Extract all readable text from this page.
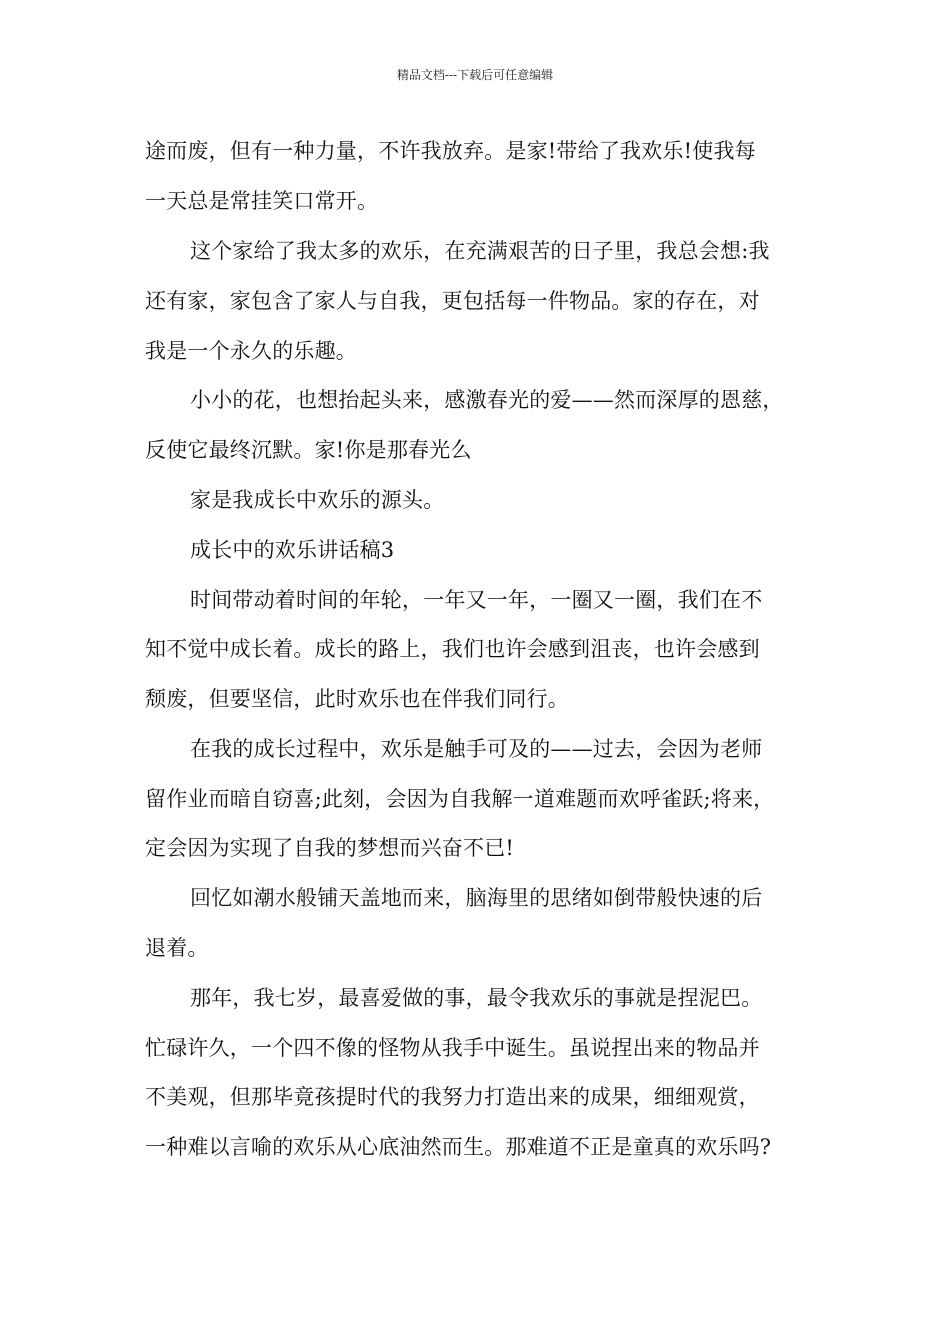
精品文档---下载后可任意编辑
途而废，但有一种力量，不许我放弃。是家!带给了我欢乐!使我每
一天总是常挂笑口常开。
这个家给了我太多的欢乐，在充满艰苦的日子里，我总会想:我
还有家，家包含了家人与自我，更包括每一件物品。家的存在，对
我是一个永久的乐趣。
小小的花，也想抬起头来，感激春光的爱——然而深厚的恩慈，
反使它最终沉默。家!你是那春光么
家是我成长中欢乐的源头。
成长中的欢乐讲话稿3
时间带动着时间的年轮，一年又一年，一圈又一圈，我们在不
知不觉中成长着。成长的路上，我们也许会感到沮丧，也许会感到
颓废，但要坚信，此时欢乐也在伴我们同行。
在我的成长过程中，欢乐是触手可及的——过去，会因为老师
留作业而暗自窃喜;此刻，会因为自我解一道难题而欢呼雀跃;将来，
定会因为实现了自我的梦想而兴奋不已!
回忆如潮水般铺天盖地而来，脑海里的思绪如倒带般快速的后
退着。
那年，我七岁，最喜爱做的事，最令我欢乐的事就是捏泥巴。
忙碌许久，一个四不像的怪物从我手中诞生。虽说捏出来的物品并
不美观，但那毕竟孩提时代的我努力打造出来的成果，细细观赏，
一种难以言喻的欢乐从心底油然而生。那难道不正是童真的欢乐吗?
